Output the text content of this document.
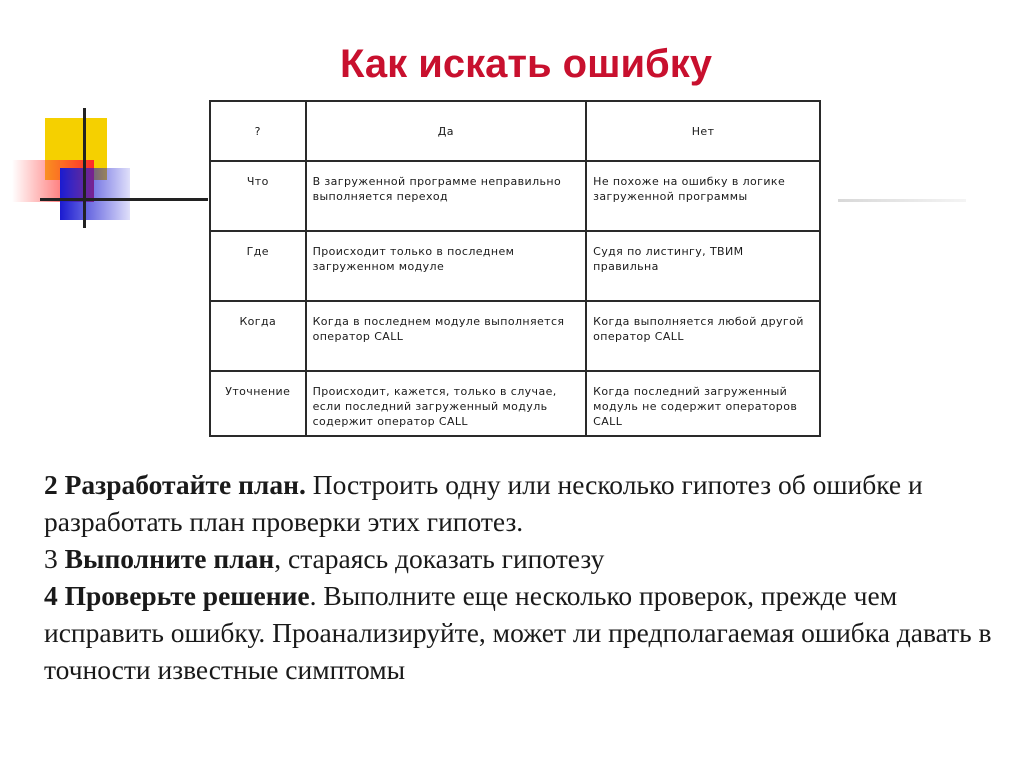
Как искать ошибку
?	Да	Нет
Что	В загруженной программе неправильно выполняется переход	Не похоже на ошибку в логике загруженной программы
Где	Происходит только в последнем загруженном модуле	Судя по листингу, ТВИМ правильна
Когда	Когда в последнем модуле выполняется оператор CALL	Когда выполняется любой другой оператор CALL
Уточнение	Происходит, кажется, только в случае, если последний загруженный модуль содержит оператор CALL	Когда последний загруженный модуль не содержит операторов CALL

2 Разработайте план. Построить одну или несколько гипотез об ошибке и разработать план проверки этих гипотез.

3 Выполните план, стараясь доказать гипотезу

4 Проверьте решение. Выполните еще несколько проверок, прежде чем исправить ошибку. Проанализируйте, может ли предполагаемая ошибка давать в точности известные симптомы
